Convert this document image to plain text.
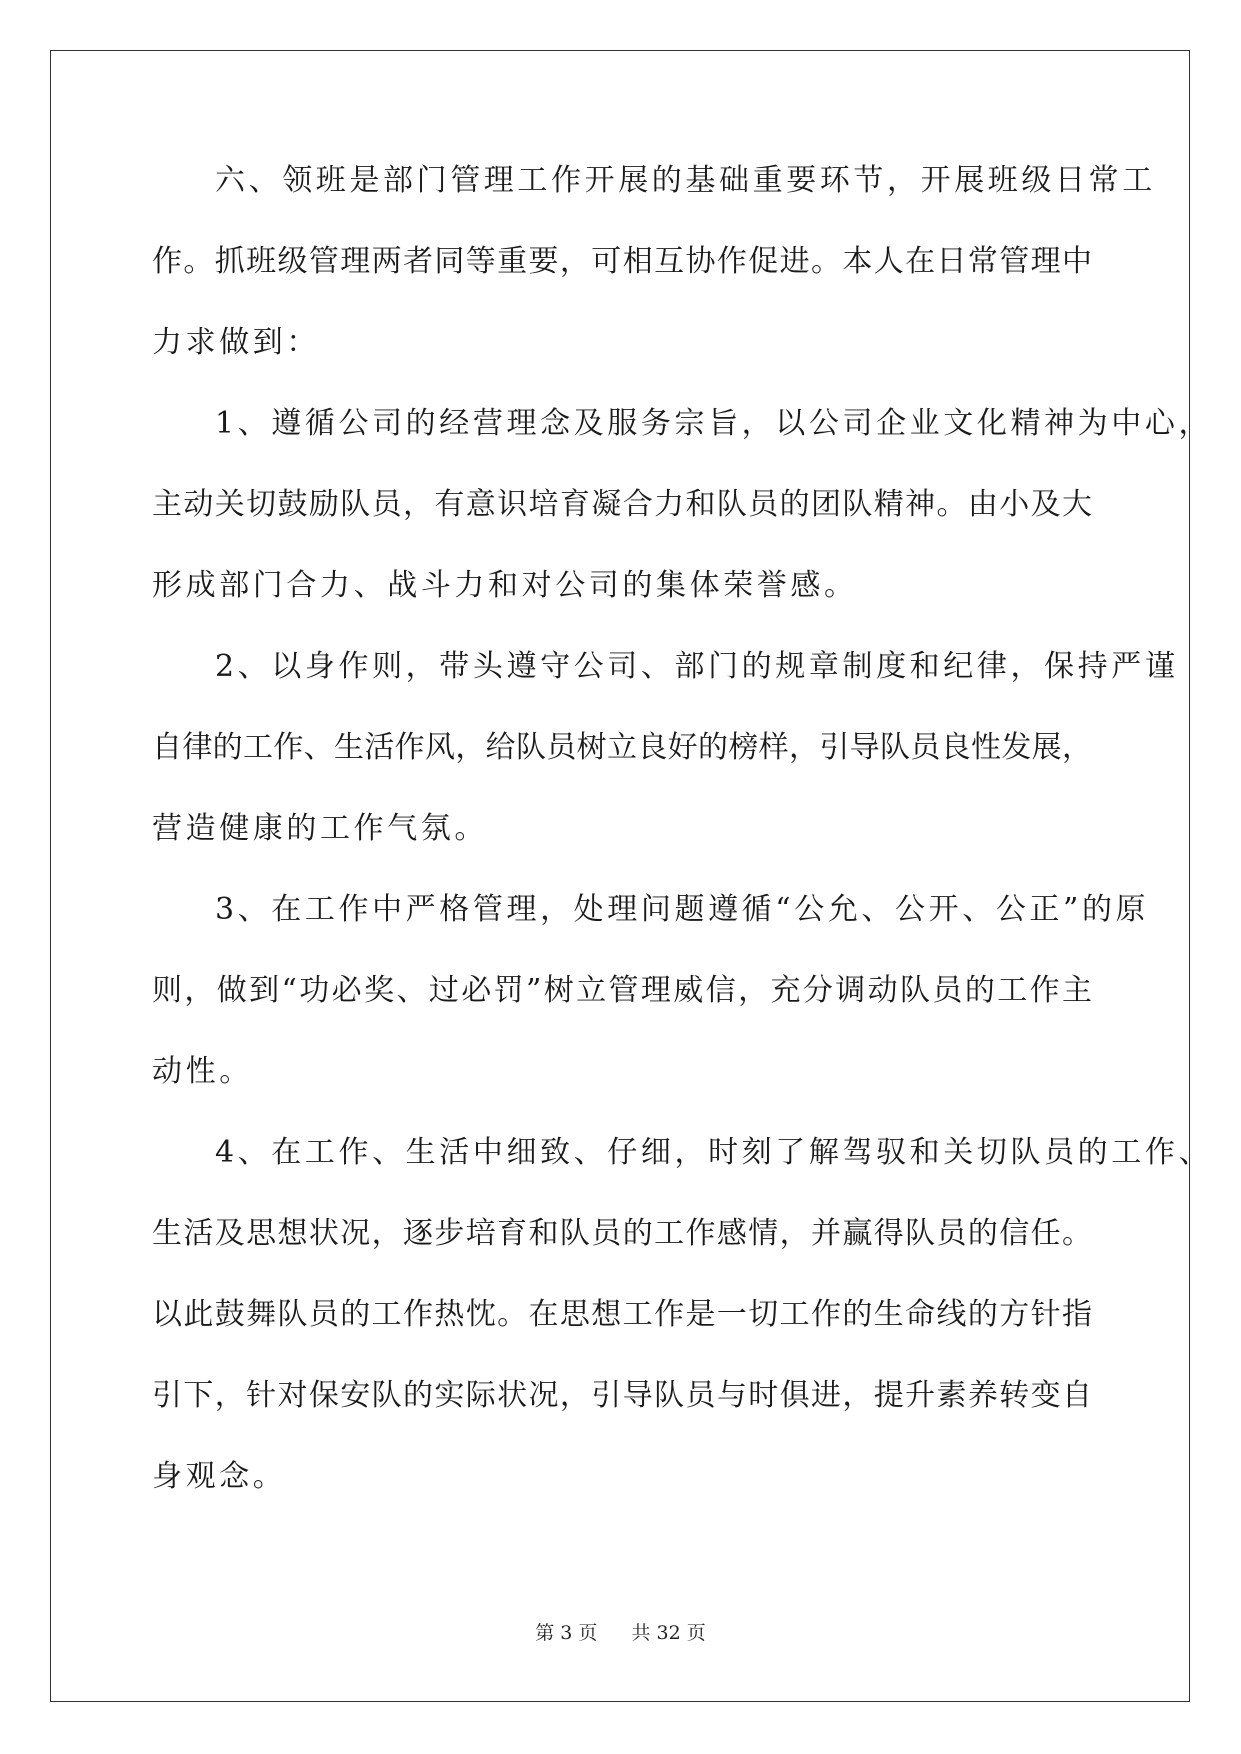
六、领班是部门管理工作开展的基础重要环节，开展班级日常工
作。抓班级管理两者同等重要，可相互协作促进。本人在日常管理中
力求做到：
1、遵循公司的经营理念及服务宗旨，以公司企业文化精神为中心，
主动关切鼓励队员，有意识培育凝合力和队员的团队精神。由小及大
形成部门合力、战斗力和对公司的集体荣誉感。
2、以身作则，带头遵守公司、部门的规章制度和纪律，保持严谨
自律的工作、生活作风，给队员树立良好的榜样，引导队员良性发展，
营造健康的工作气氛。
3、在工作中严格管理，处理问题遵循“公允、公开、公正”的原
则，做到“功必奖、过必罚”树立管理威信，充分调动队员的工作主
动性。
4、在工作、生活中细致、仔细，时刻了解驾驭和关切队员的工作、
生活及思想状况，逐步培育和队员的工作感情，并赢得队员的信任。
以此鼓舞队员的工作热忱。在思想工作是一切工作的生命线的方针指
引下，针对保安队的实际状况，引导队员与时俱进，提升素养转变自
身观念。
第 3 页 共 32 页
